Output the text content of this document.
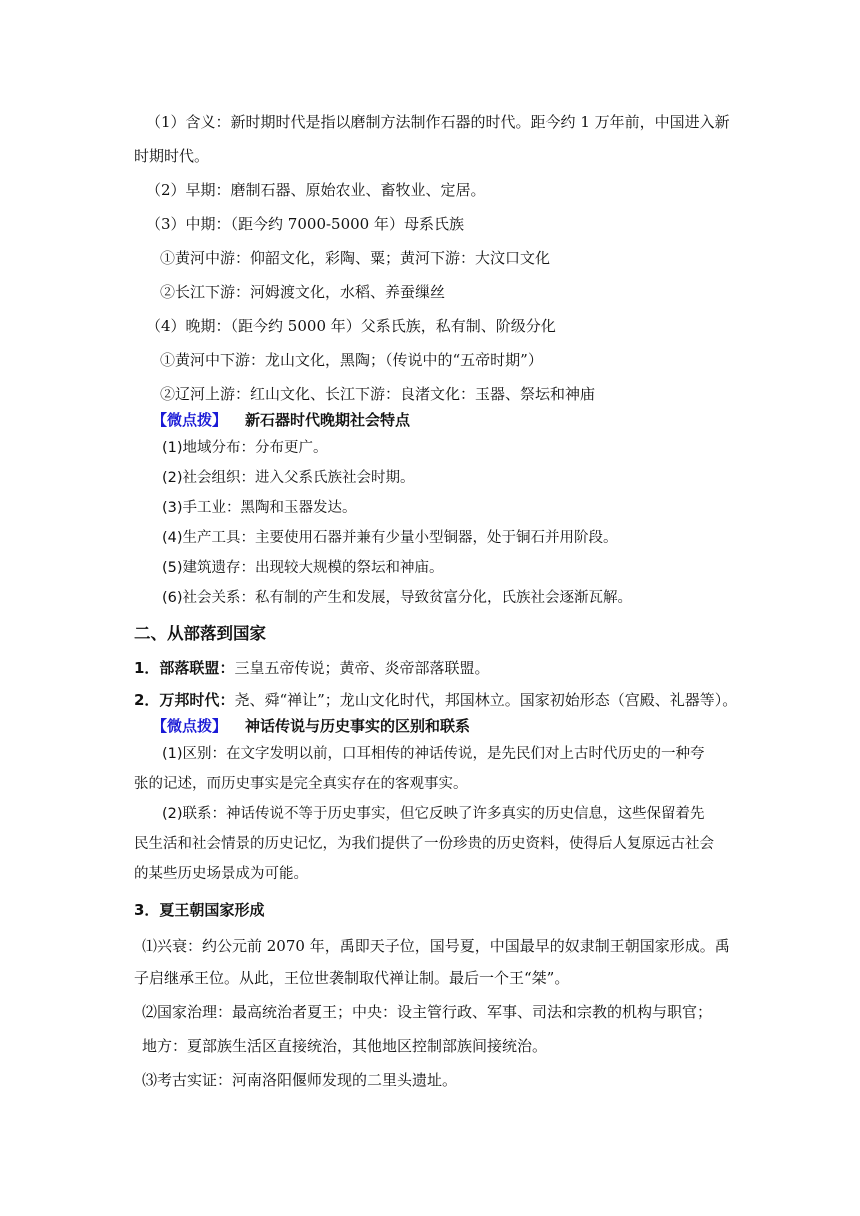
（1）含义：新时期时代是指以磨制方法制作石器的时代。距今约 1 万年前，中国进入新
时期时代。
（2）早期：磨制石器、原始农业、畜牧业、定居。
（3）中期：（距今约 7000-5000 年）母系氏族
①黄河中游：仰韶文化，彩陶、粟；黄河下游：大汶口文化
②长江下游：河姆渡文化，水稻、养蚕缫丝
（4）晚期：（距今约 5000 年）父系氏族，私有制、阶级分化
①黄河中下游：龙山文化，黑陶；（传说中的“五帝时期”）
②辽河上游：红山文化、长江下游：良渚文化：玉器、祭坛和神庙
【微点拨】 新石器时代晚期社会特点
(1)地域分布：分布更广。
(2)社会组织：进入父系氏族社会时期。
(3)手工业：黑陶和玉器发达。
(4)生产工具：主要使用石器并兼有少量小型铜器，处于铜石并用阶段。
(5)建筑遗存：出现较大规模的祭坛和神庙。
(6)社会关系：私有制的产生和发展，导致贫富分化，氏族社会逐渐瓦解。
二、从部落到国家
1．部落联盟：三皇五帝传说；黄帝、炎帝部落联盟。
2．万邦时代：尧、舜“禅让”；龙山文化时代，邦国林立。国家初始形态（宫殿、礼器等）。
【微点拨】 神话传说与历史事实的区别和联系
(1)区别：在文字发明以前，口耳相传的神话传说，是先民们对上古时代历史的一种夸
张的记述，而历史事实是完全真实存在的客观事实。
(2)联系：神话传说不等于历史事实，但它反映了许多真实的历史信息，这些保留着先
民生活和社会情景的历史记忆，为我们提供了一份珍贵的历史资料，使得后人复原远古社会
的某些历史场景成为可能。
3．夏王朝国家形成
⑴兴衰：约公元前 2070 年，禹即天子位，国号夏，中国最早的奴隶制王朝国家形成。禹
子启继承王位。从此，王位世袭制取代禅让制。最后一个王“桀”。
⑵国家治理：最高统治者夏王；中央：设主管行政、军事、司法和宗教的机构与职官；
地方：夏部族生活区直接统治，其他地区控制部族间接统治。
⑶考古实证：河南洛阳偃师发现的二里头遗址。
